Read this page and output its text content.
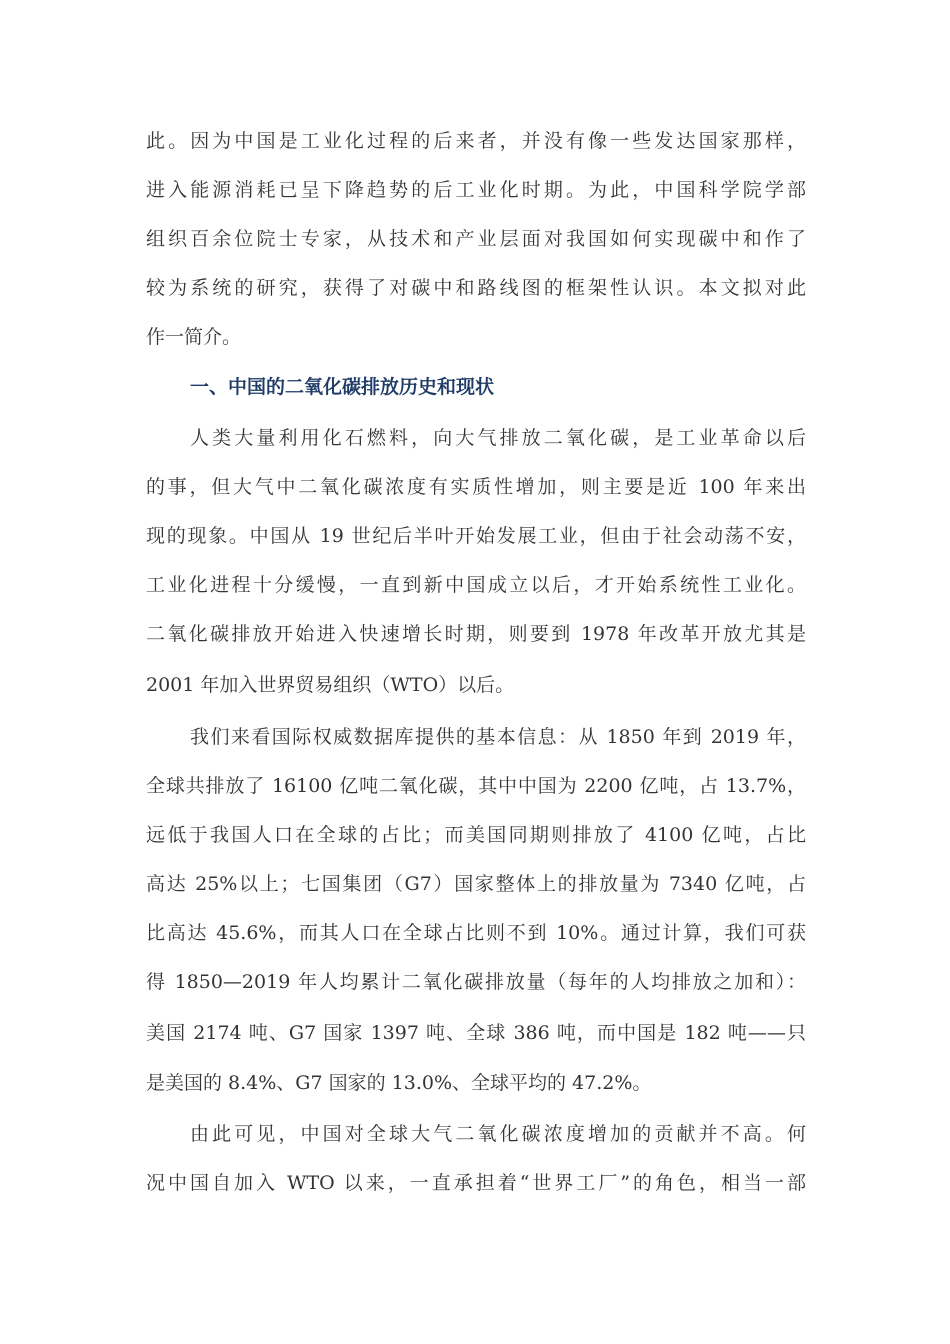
此。因为中国是工业化过程的后来者，并没有像一些发达国家那样，
进入能源消耗已呈下降趋势的后工业化时期。为此，中国科学院学部
组织百余位院士专家，从技术和产业层面对我国如何实现碳中和作了
较为系统的研究，获得了对碳中和路线图的框架性认识。本文拟对此
作一简介。
一、中国的二氧化碳排放历史和现状
人类大量利用化石燃料，向大气排放二氧化碳，是工业革命以后
的事，但大气中二氧化碳浓度有实质性增加，则主要是近 100 年来出
现的现象。中国从 19 世纪后半叶开始发展工业，但由于社会动荡不安，
工业化进程十分缓慢，一直到新中国成立以后，才开始系统性工业化。
二氧化碳排放开始进入快速增长时期，则要到 1978 年改革开放尤其是
2001 年加入世界贸易组织（WTO）以后。
我们来看国际权威数据库提供的基本信息：从 1850 年到 2019 年，
全球共排放了 16100 亿吨二氧化碳，其中中国为 2200 亿吨，占 13.7%，
远低于我国人口在全球的占比；而美国同期则排放了 4100 亿吨，占比
高达 25%以上；七国集团（G7）国家整体上的排放量为 7340 亿吨，占
比高达 45.6%，而其人口在全球占比则不到 10%。通过计算，我们可获
得 1850—2019 年人均累计二氧化碳排放量（每年的人均排放之加和）：
美国 2174 吨、G7 国家 1397 吨、全球 386 吨，而中国是 182 吨——只
是美国的 8.4%、G7 国家的 13.0%、全球平均的 47.2%。
由此可见，中国对全球大气二氧化碳浓度增加的贡献并不高。何
况中国自加入 WTO 以来，一直承担着“世界工厂”的角色，相当一部
